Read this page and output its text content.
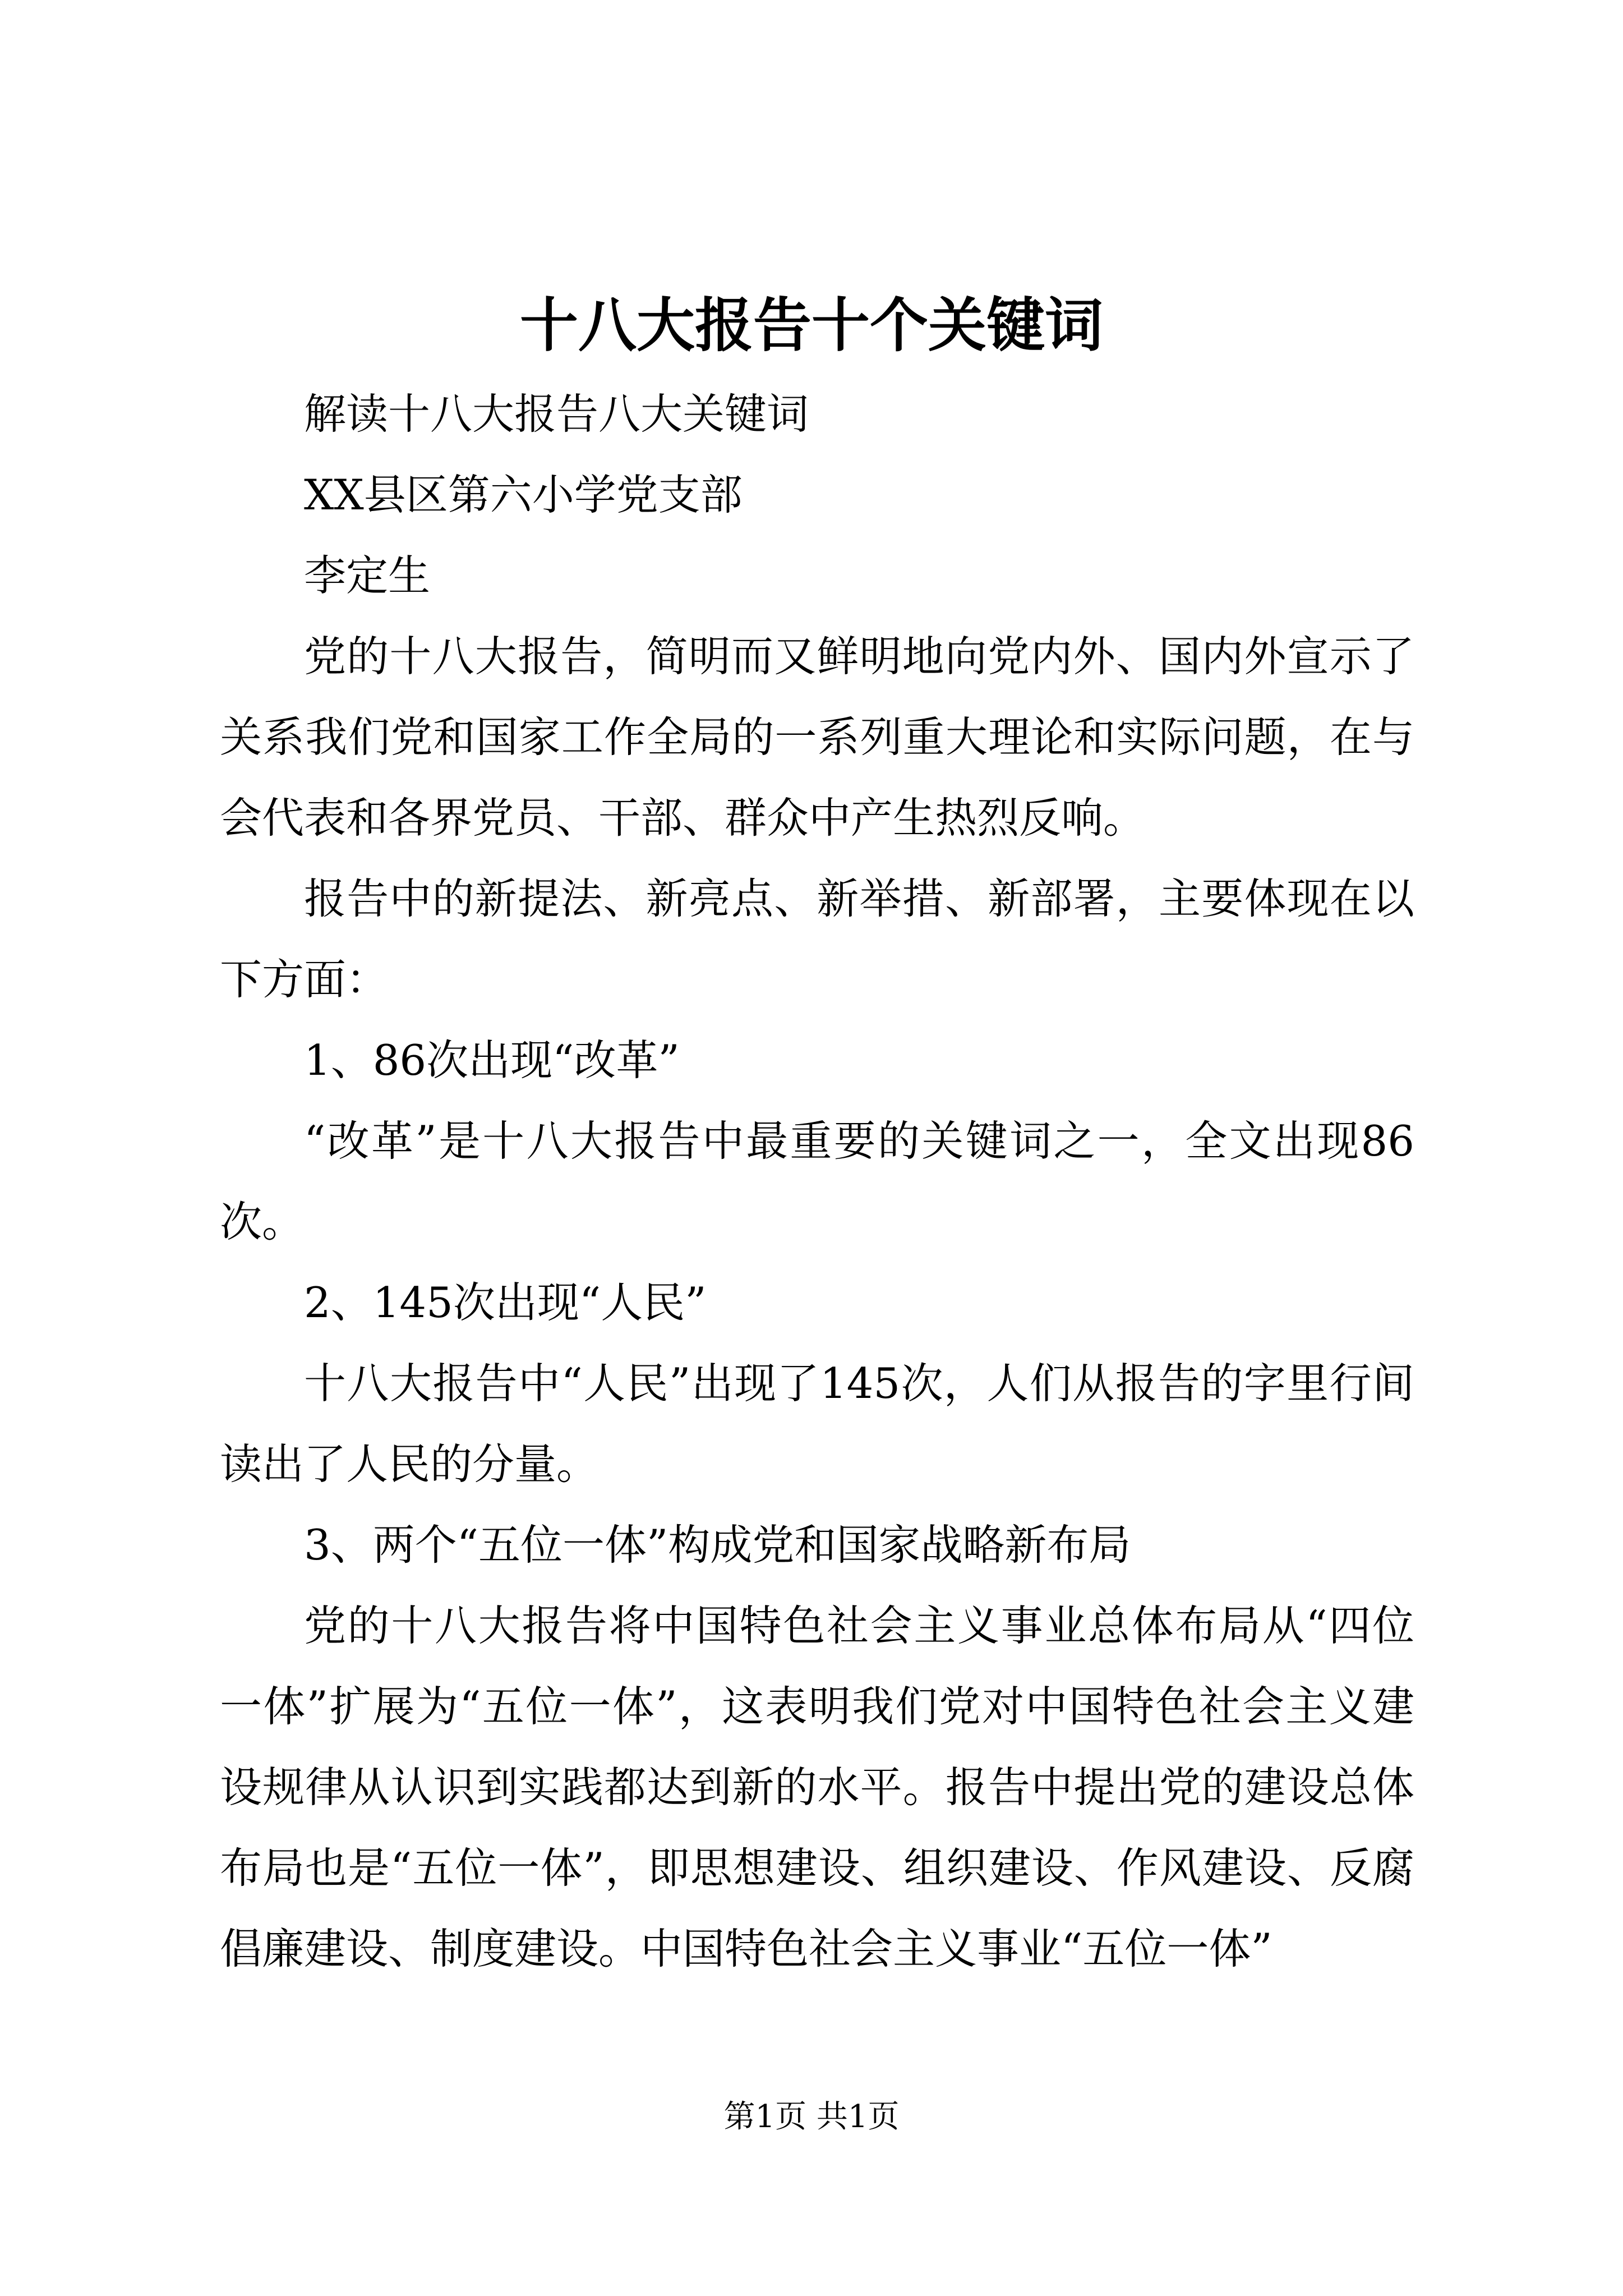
十八大报告十个关键词

解读十八大报告八大关键词

XX县区第六小学党支部

李定生

党的十八大报告，简明而又鲜明地向党内外、国内外宣示了关系我们党和国家工作全局的一系列重大理论和实际问题，在与会代表和各界党员、干部、群众中产生热烈反响。

报告中的新提法、新亮点、新举措、新部署，主要体现在以下方面：

1、86次出现“改革”

“改革”是十八大报告中最重要的关键词之一，全文出现86次。

2、145次出现“人民”

十八大报告中“人民”出现了145次，人们从报告的字里行间读出了人民的分量。

3、两个“五位一体”构成党和国家战略新布局

党的十八大报告将中国特色社会主义事业总体布局从“四位一体”扩展为“五位一体”，这表明我们党对中国特色社会主义建设规律从认识到实践都达到新的水平。报告中提出党的建设总体布局也是“五位一体”，即思想建设、组织建设、作风建设、反腐倡廉建设、制度建设。中国特色社会主义事业“五位一体”

第1页 共1页
